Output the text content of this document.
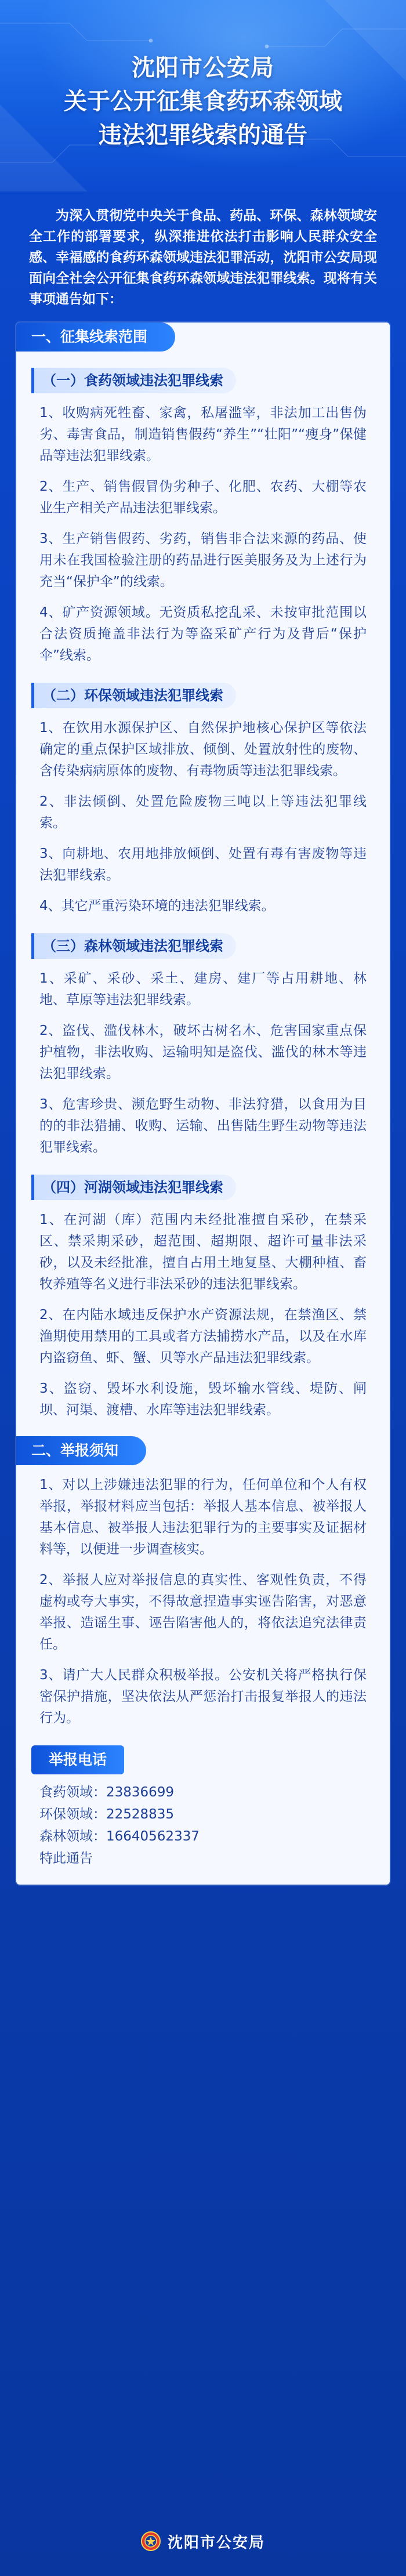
沈阳市公安局
关于公开征集食药环森领域
违法犯罪线索的通告

为深入贯彻党中央关于食品、药品、环保、森林领域安全工作的部署要求，纵深推进依法打击影响人民群众安全感、幸福感的食药环森领域违法犯罪活动，沈阳市公安局现面向全社会公开征集食药环森领域违法犯罪线索。现将有关事项通告如下：

一、征集线索范围 （一）食药领域违法犯罪线索

1、收购病死牲畜、家禽，私屠滥宰，非法加工出售伪劣、毒害食品，制造销售假药“养生”“壮阳”“瘦身”保健品等违法犯罪线索。

2、生产、销售假冒伪劣种子、化肥、农药、大棚等农业生产相关产品违法犯罪线索。

3、生产销售假药、劣药，销售非合法来源的药品、使用未在我国检验注册的药品进行医美服务及为上述行为充当“保护伞”的线索。

4、矿产资源领域。无资质私挖乱采、未按审批范围以合法资质掩盖非法行为等盗采矿产行为及背后“保护伞”线索。

（二）环保领域违法犯罪线索

1、在饮用水源保护区、自然保护地核心保护区等依法确定的重点保护区域排放、倾倒、处置放射性的废物、含传染病病原体的废物、有毒物质等违法犯罪线索。

2、非法倾倒、处置危险废物三吨以上等违法犯罪线索。

3、向耕地、农用地排放倾倒、处置有毒有害废物等违法犯罪线索。

4、其它严重污染环境的违法犯罪线索。

（三）森林领域违法犯罪线索

1、采矿、采砂、采土、建房、建厂等占用耕地、林地、草原等违法犯罪线索。

2、盗伐、滥伐林木，破坏古树名木、危害国家重点保护植物，非法收购、运输明知是盗伐、滥伐的林木等违法犯罪线索。

3、危害珍贵、濒危野生动物、非法狩猎，以食用为目的的非法猎捕、收购、运输、出售陆生野生动物等违法犯罪线索。

（四）河湖领域违法犯罪线索

1、在河湖（库）范围内未经批准擅自采砂，在禁采区、禁采期采砂，超范围、超期限、超许可量非法采砂，以及未经批准，擅自占用土地复垦、大棚种植、畜牧养殖等名义进行非法采砂的违法犯罪线索。

2、在内陆水域违反保护水产资源法规，在禁渔区、禁渔期使用禁用的工具或者方法捕捞水产品，以及在水库内盗窃鱼、虾、蟹、贝等水产品违法犯罪线索。

3、盗窃、毁坏水利设施，毁坏输水管线、堤防、闸坝、河渠、渡槽、水库等违法犯罪线索。

二、举报须知

1、对以上涉嫌违法犯罪的行为，任何单位和个人有权举报，举报材料应当包括：举报人基本信息、被举报人基本信息、被举报人违法犯罪行为的主要事实及证据材料等，以便进一步调查核实。

2、举报人应对举报信息的真实性、客观性负责，不得虚构或夸大事实，不得故意捏造事实诬告陷害，对恶意举报、造谣生事、诬告陷害他人的，将依法追究法律责任。

3、请广大人民群众积极举报。公安机关将严格执行保密保护措施，坚决依法从严惩治打击报复举报人的违法行为。

举报电话
食药领域：23836699
环保领域：22528835
森林领域：16640562337
特此通告
沈阳市公安局
